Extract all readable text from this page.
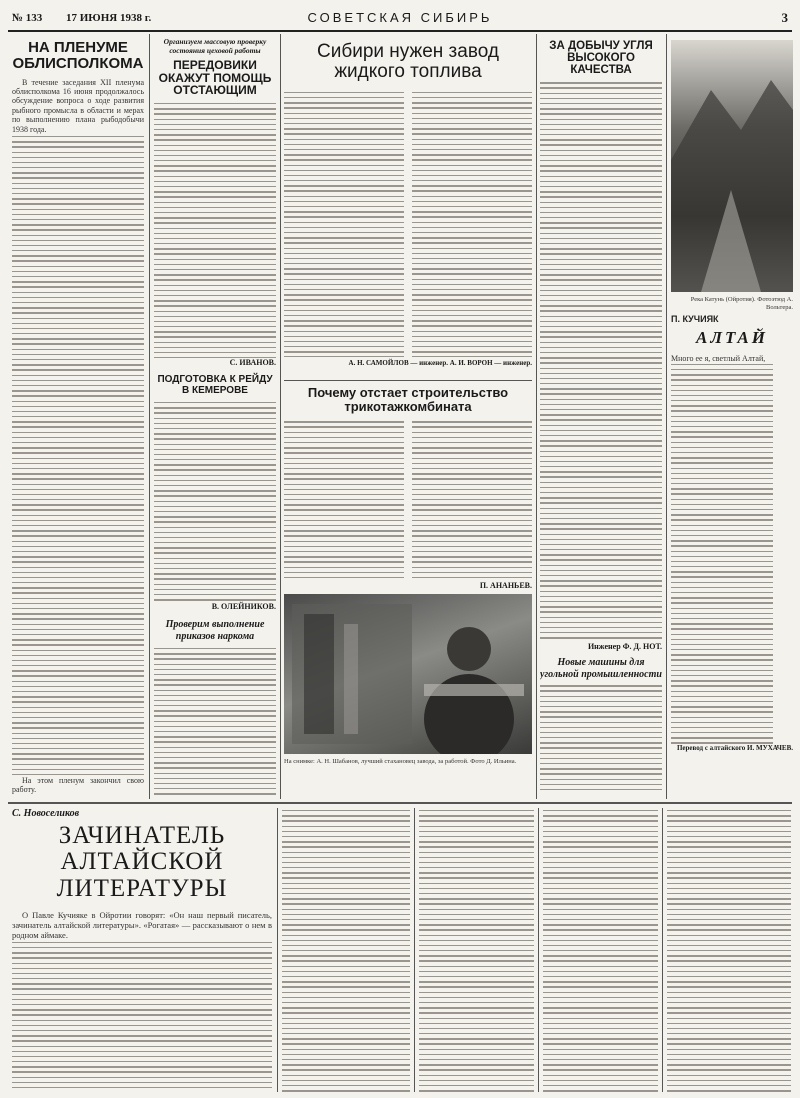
№ 133 17 ИЮНЯ 1938 г.	СОВЕТСКАЯ СИБИРЬ	3
НА ПЛЕНУМЕ ОБЛИСПОЛКОМА

В течение заседания XII пленума облисполкома 16 июня продолжалось обсуждение вопроса о ходе развития рыбного промысла в области и мерах по выполнению плана рыбодобычи 1938 года.

На этом пленум закончил свою работу.

Организуем массовую проверку состояния цеховой работы
ПЕРЕДОВИКИ ОКАЖУТ ПОМОЩЬ ОТСТАЮЩИМ
С. ИВАНОВ.
ПОДГОТОВКА К РЕЙДУ В КЕМЕРОВЕ
В. ОЛЕЙНИКОВ.
Проверим выполнение приказов наркома
Сибири нужен завод жидкого топлива
А. Н. САМОЙЛОВ — инженер. А. И. ВОРОН — инженер.
Почему отстает строительство трикотажкомбината
П. АНАНЬЕВ.
На снимке: А. Н. Шабанов, лучший стахановец завода, за работой. Фото Д. Ильина.
ЗА ДОБЫЧУ УГЛЯ ВЫСОКОГО КАЧЕСТВА
Инженер Ф. Д. НОТ.
Новые машины для угольной промышленности
Река Катунь (Ойротия). Фотоэтюд А. Вольтера.
П. КУЧИЯК
АЛТАЙ
Много ее я, светлый Алтай,
Перевод с алтайского И. МУХАЧЕВ.
С. Новоселиков
ЗАЧИНАТЕЛЬ АЛТАЙСКОЙ ЛИТЕРАТУРЫ

О Павле Кучияке в Ойротии говорят: «Он наш первый писатель, зачинатель алтайской литературы». «Рогатая» — рассказывают о нем в родном аймаке.
